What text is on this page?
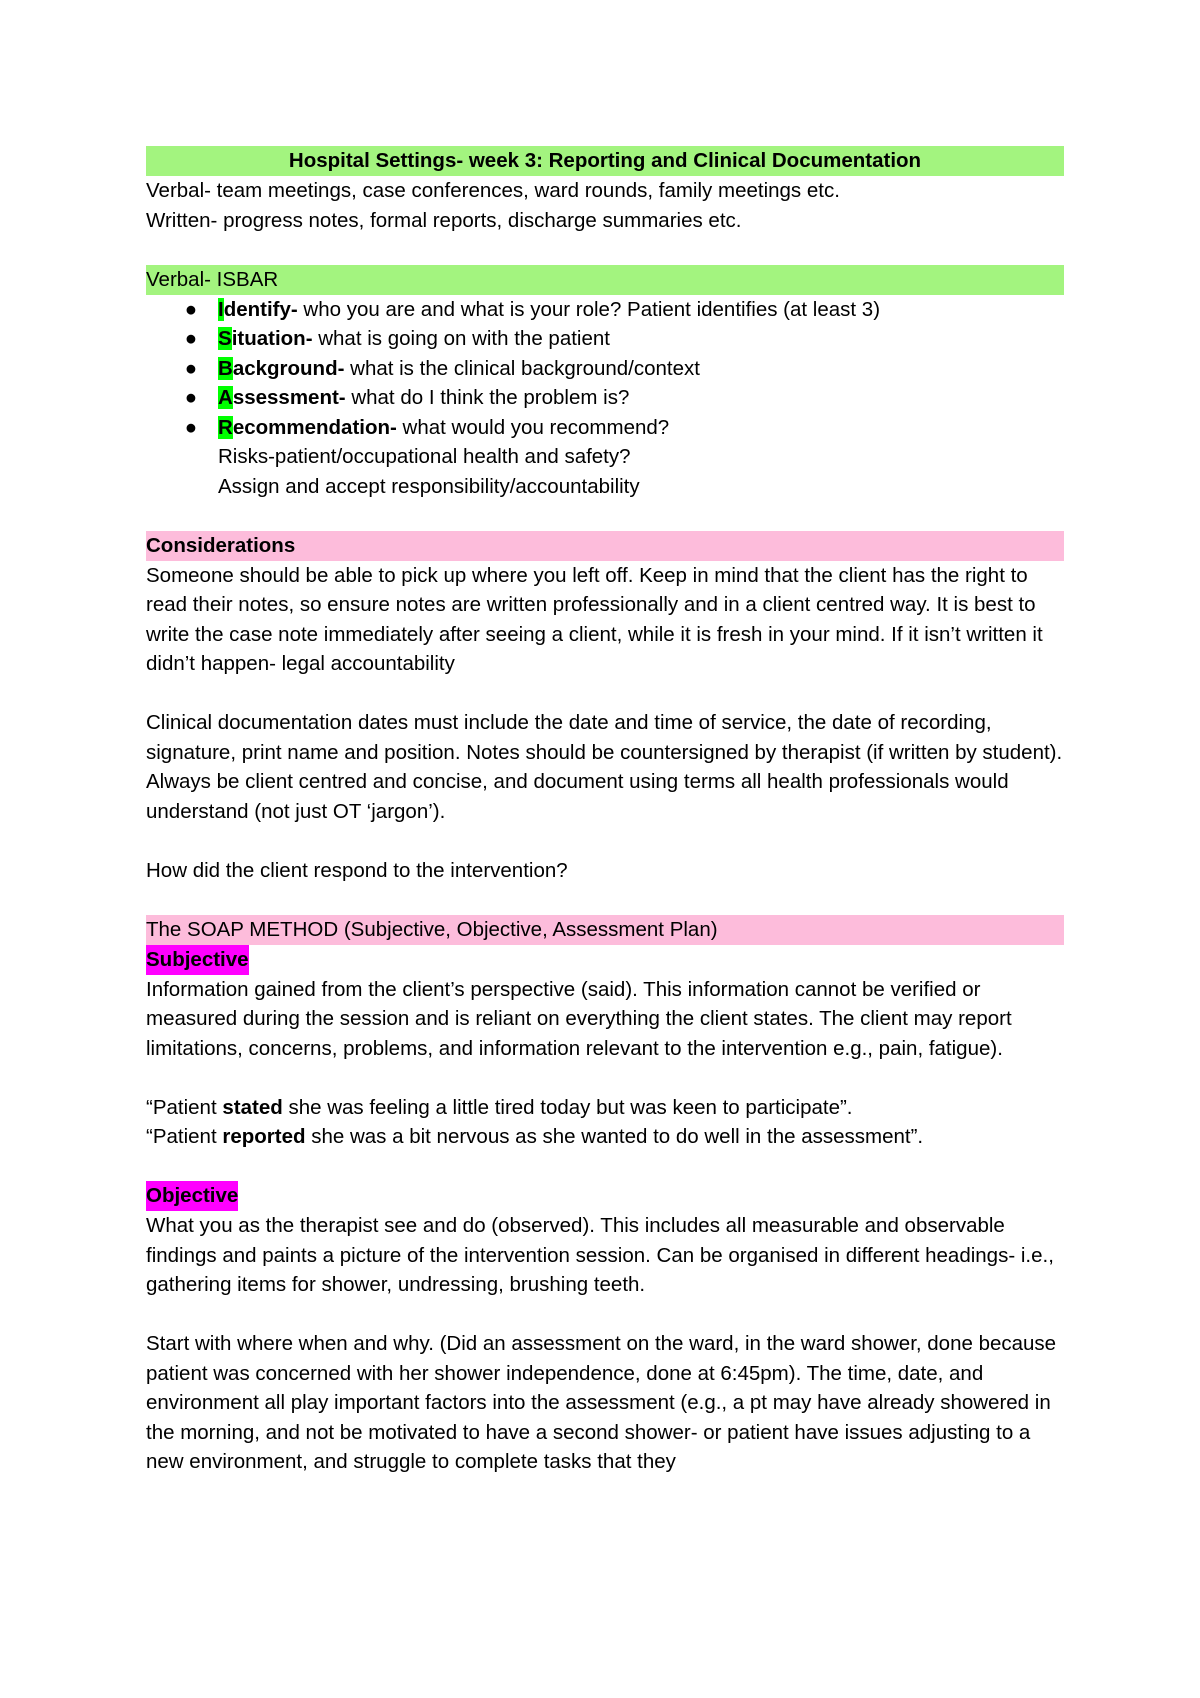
Hospital Settings- week 3: Reporting and Clinical Documentation

Verbal- team meetings, case conferences, ward rounds, family meetings etc.

Written- progress notes, formal reports, discharge summaries etc.

Verbal- ISBAR
● Identify- who you are and what is your role? Patient identifies (at least 3)
● Situation- what is going on with the patient
● Background- what is the clinical background/context
● Assessment- what do I think the problem is?
● Recommendation- what would you recommend?

Risks-patient/occupational health and safety?

Assign and accept responsibility/accountability

Considerations

Someone should be able to pick up where you left off. Keep in mind that the client has the right to read their notes, so ensure notes are written professionally and in a client centred way. It is best to write the case note immediately after seeing a client, while it is fresh in your mind. If it isn’t written it didn’t happen- legal accountability

Clinical documentation dates must include the date and time of service, the date of recording, signature, print name and position. Notes should be countersigned by therapist (if written by student). Always be client centred and concise, and document using terms all health professionals would understand (not just OT ‘jargon’).

How did the client respond to the intervention?

The SOAP METHOD (Subjective, Objective, Assessment Plan)

Subjective

Information gained from the client’s perspective (said). This information cannot be verified or measured during the session and is reliant on everything the client states. The client may report limitations, concerns, problems, and information relevant to the intervention e.g., pain, fatigue).

“Patient stated she was feeling a little tired today but was keen to participate”.

“Patient reported she was a bit nervous as she wanted to do well in the assessment”.

Objective

What you as the therapist see and do (observed). This includes all measurable and observable findings and paints a picture of the intervention session. Can be organised in different headings- i.e., gathering items for shower, undressing, brushing teeth.

Start with where when and why. (Did an assessment on the ward, in the ward shower, done because patient was concerned with her shower independence, done at 6:45pm). The time, date, and environment all play important factors into the assessment (e.g., a pt may have already showered in the morning, and not be motivated to have a second shower- or patient have issues adjusting to a new environment, and struggle to complete tasks that they
